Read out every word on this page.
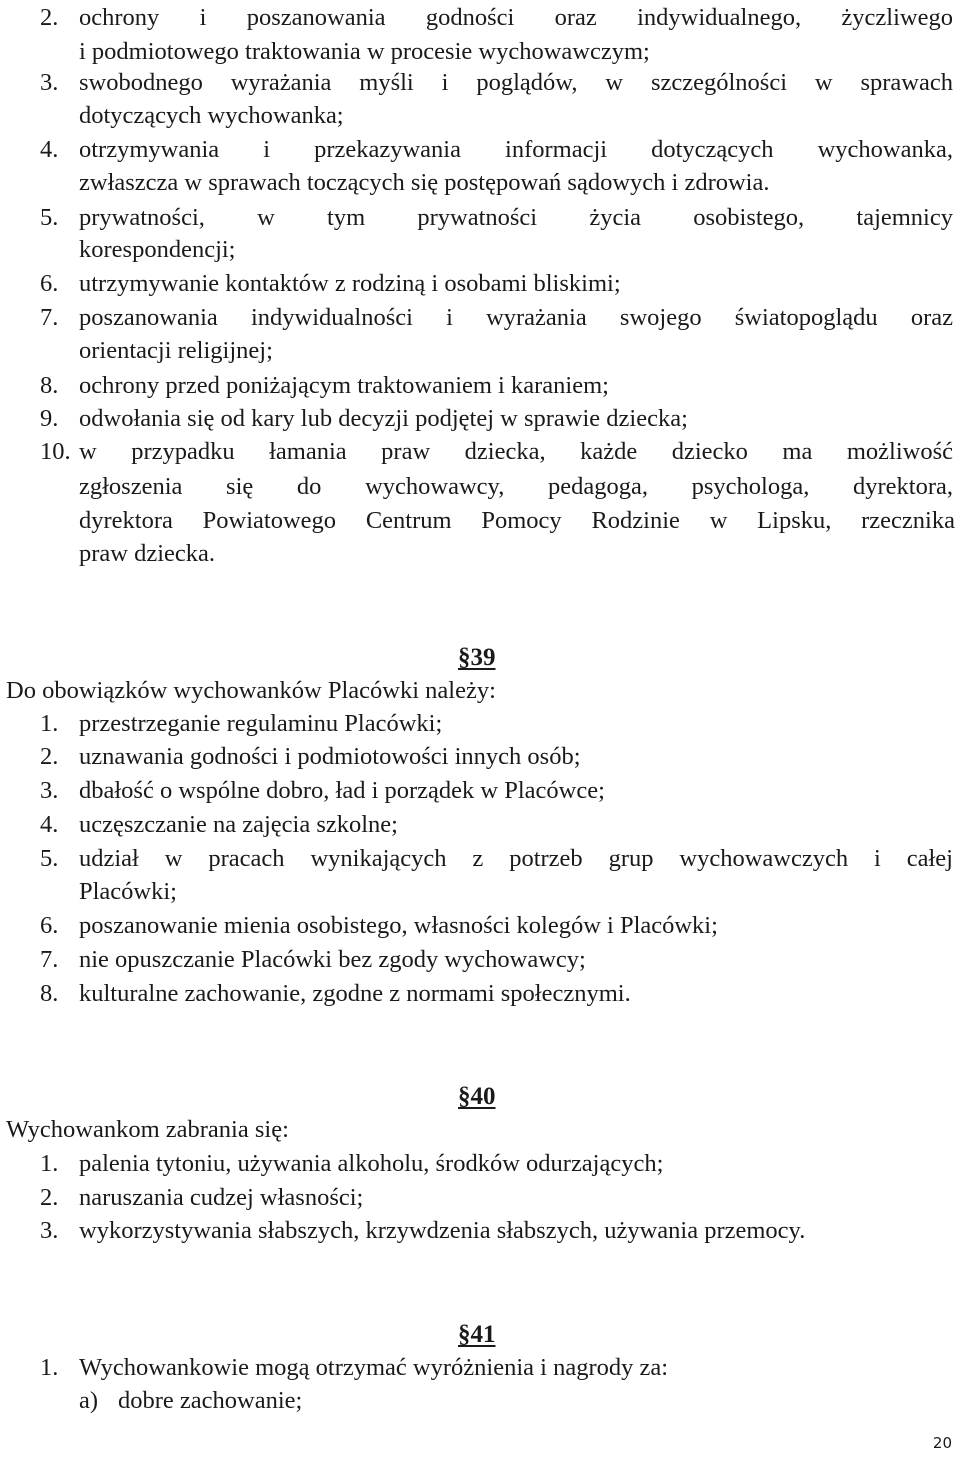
2. ochrony i poszanowania godności oraz indywidualnego, życzliwego
i podmiotowego traktowania w procesie wychowawczym;
3. swobodnego wyrażania myśli i poglądów, w szczególności w sprawach
dotyczących wychowanka;
4. otrzymywania i przekazywania informacji dotyczących wychowanka,
zwłaszcza w sprawach toczących się postępowań sądowych i zdrowia.
5. prywatności, w tym prywatności życia osobistego, tajemnicy
korespondencji;
6. utrzymywanie kontaktów z rodziną i osobami bliskimi;
7. poszanowania indywidualności i wyrażania swojego światopoglądu oraz
orientacji religijnej;
8. ochrony przed poniżającym traktowaniem i karaniem;
9. odwołania się od kary lub decyzji podjętej w sprawie dziecka;
10. w przypadku łamania praw dziecka, każde dziecko ma możliwość
zgłoszenia się do wychowawcy, pedagoga, psychologa, dyrektora,
dyrektora Powiatowego Centrum Pomocy Rodzinie w Lipsku, rzecznika
praw dziecka.
§39
Do obowiązków wychowanków Placówki należy:
1. przestrzeganie regulaminu Placówki;
2. uznawania godności i podmiotowości innych osób;
3. dbałość o wspólne dobro, ład i porządek w Placówce;
4. uczęszczanie na zajęcia szkolne;
5. udział w pracach wynikających z potrzeb grup wychowawczych i całej
Placówki;
6. poszanowanie mienia osobistego, własności kolegów i Placówki;
7. nie opuszczanie Placówki bez zgody wychowawcy;
8. kulturalne zachowanie, zgodne z normami społecznymi.
§40
Wychowankom zabrania się:
1. palenia tytoniu, używania alkoholu, środków odurzających;
2. naruszania cudzej własności;
3. wykorzystywania słabszych, krzywdzenia słabszych, używania przemocy.
§41
1. Wychowankowie mogą otrzymać wyróżnienia i nagrody za:
a) dobre zachowanie;
20
